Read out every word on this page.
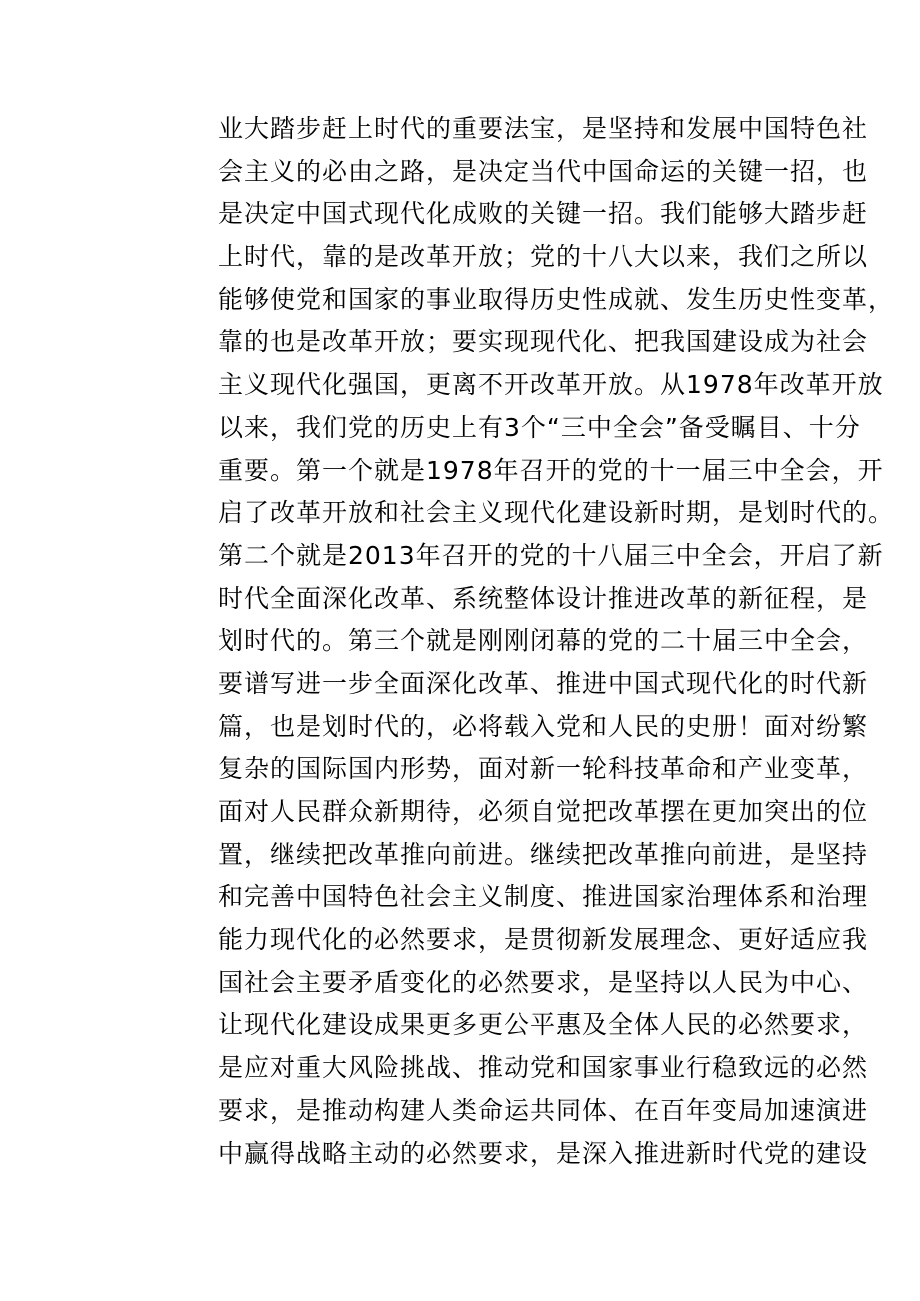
业大踏步赶上时代的重要法宝，是坚持和发展中国特色社
会主义的必由之路，是决定当代中国命运的关键一招，也
是决定中国式现代化成败的关键一招。我们能够大踏步赶
上时代，靠的是改革开放；党的十八大以来，我们之所以
能够使党和国家的事业取得历史性成就、发生历史性变革，
靠的也是改革开放；要实现现代化、把我国建设成为社会
主义现代化强国，更离不开改革开放。从1978年改革开放
以来，我们党的历史上有3个“三中全会”备受瞩目、十分
重要。第一个就是1978年召开的党的十一届三中全会，开
启了改革开放和社会主义现代化建设新时期，是划时代的。
第二个就是2013年召开的党的十八届三中全会，开启了新
时代全面深化改革、系统整体设计推进改革的新征程，是
划时代的。第三个就是刚刚闭幕的党的二十届三中全会，
要谱写进一步全面深化改革、推进中国式现代化的时代新
篇，也是划时代的，必将载入党和人民的史册！面对纷繁
复杂的国际国内形势，面对新一轮科技革命和产业变革，
面对人民群众新期待，必须自觉把改革摆在更加突出的位
置，继续把改革推向前进。继续把改革推向前进，是坚持
和完善中国特色社会主义制度、推进国家治理体系和治理
能力现代化的必然要求，是贯彻新发展理念、更好适应我
国社会主要矛盾变化的必然要求，是坚持以人民为中心、
让现代化建设成果更多更公平惠及全体人民的必然要求，
是应对重大风险挑战、推动党和国家事业行稳致远的必然
要求，是推动构建人类命运共同体、在百年变局加速演进
中赢得战略主动的必然要求，是深入推进新时代党的建设
